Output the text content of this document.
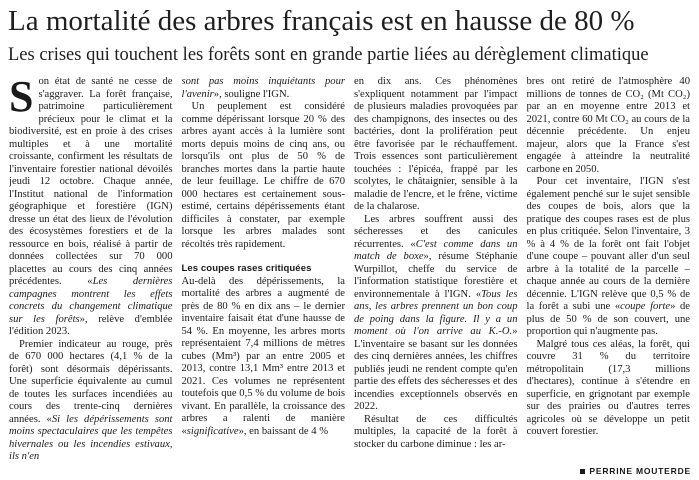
La mortalité des arbres français est en hausse de 80 %
Les crises qui touchent les forêts sont en grande partie liées au dérèglement climatique

Son état de santé ne cesse de s'aggraver. La forêt française, patrimoine particulièrement précieux pour le climat et la biodiversité, est en proie à des crises multiples et à une mortalité croissante, confirment les résultats de l'inventaire forestier national dévoilés jeudi 12 octobre. Chaque année, l'Institut national de l'information géographique et forestière (IGN) dresse un état des lieux de l'évolution des écosystèmes forestiers et de la ressource en bois, réalisé à partir de données collectées sur 70 000 placettes au cours des cinq années précédentes. «Les dernières campagnes montrent les effets concrets du changement climatique sur les forêts», relève d'emblée l'édition 2023.

Premier indicateur au rouge, près de 670 000 hectares (4,1 % de la forêt) sont désormais dépérissants. Une superficie équivalente au cumul de toutes les surfaces incendiées au cours des trente-cinq dernières années. «Si les dépérissements sont moins spectaculaires que les tempêtes hivernales ou les incendies estivaux, ils n'en

sont pas moins inquiétants pour l'avenir», souligne l'IGN.

Un peuplement est considéré comme dépérissant lorsque 20 % des arbres ayant accès à la lumière sont morts depuis moins de cinq ans, ou lorsqu'ils ont plus de 50 % de branches mortes dans la partie haute de leur feuillage. Le chiffre de 670 000 hectares est certainement sous-estimé, certains dépérissements étant difficiles à constater, par exemple lorsque les arbres malades sont récoltés très rapidement.

Les coupes rases critiquées

Au-delà des dépérissements, la mortalité des arbres a augmenté de près de 80 % en dix ans – le dernier inventaire faisait état d'une hausse de 54 %. En moyenne, les arbres morts représentaient 7,4 millions de mètres cubes (Mm³) par an entre 2005 et 2013, contre 13,1 Mm³ entre 2013 et 2021. Ces volumes ne représentent toutefois que 0,5 % du volume de bois vivant. En parallèle, la croissance des arbres a ralenti de manière «significative», en baissant de 4 %

en dix ans. Ces phénomènes s'expliquent notamment par l'impact de plusieurs maladies provoquées par des champignons, des insectes ou des bactéries, dont la prolifération peut être favorisée par le réchauffement. Trois essences sont particulièrement touchées : l'épicéa, frappé par les scolytes, le châtaignier, sensible à la maladie de l'encre, et le frêne, victime de la chalarose.

Les arbres souffrent aussi des sécheresses et des canicules récurrentes. «C'est comme dans un match de boxe», résume Stéphanie Wurpillot, cheffe du service de l'information statistique forestière et environnementale à l'IGN. «Tous les ans, les arbres prennent un bon coup de poing dans la figure. Il y a un moment où l'on arrive au K.-O.» L'inventaire se basant sur les données des cinq dernières années, les chiffres publiés jeudi ne rendent compte qu'en partie des effets des sécheresses et des incendies exceptionnels observés en 2022.

Résultat de ces difficultés multiples, la capacité de la forêt à stocker du carbone diminue : les ar-

bres ont retiré de l'atmosphère 40 millions de tonnes de CO₂ (Mt CO₂) par an en moyenne entre 2013 et 2021, contre 60 Mt CO₂ au cours de la décennie précédente. Un enjeu majeur, alors que la France s'est engagée à atteindre la neutralité carbone en 2050.

Pour cet inventaire, l'IGN s'est également penché sur le sujet sensible des coupes de bois, alors que la pratique des coupes rases est de plus en plus critiquée. Selon l'inventaire, 3 % à 4 % de la forêt ont fait l'objet d'une coupe – pouvant aller d'un seul arbre à la totalité de la parcelle – chaque année au cours de la dernière décennie. L'IGN relève que 0,5 % de la forêt a subi une «coupe forte» de plus de 50 % de son couvert, une proportion qui n'augmente pas.

Malgré tous ces aléas, la forêt, qui couvre 31 % du territoire métropolitain (17,3 millions d'hectares), continue à s'étendre en superficie, en grignotant par exemple sur des prairies ou d'autres terres agricoles où se développe un petit couvert forestier.

PERRINE MOUTERDE
